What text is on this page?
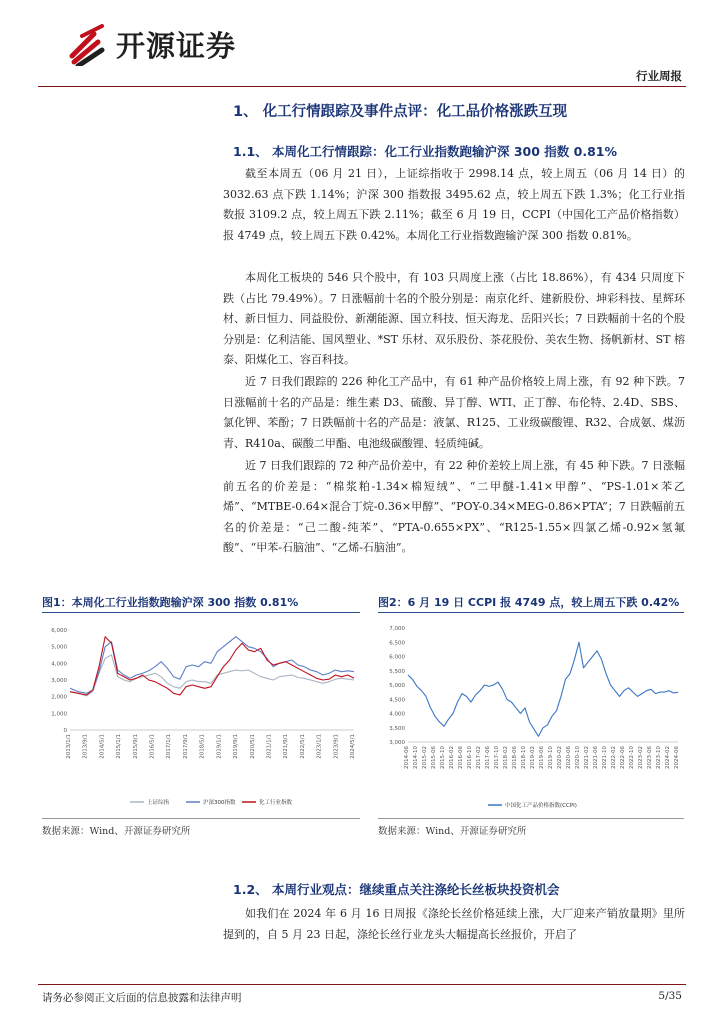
开源证券
行业周报
1、 化工行情跟踪及事件点评：化工品价格涨跌互现
1.1、 本周化工行情跟踪：化工行业指数跑输沪深 300 指数 0.81%

截至本周五（06 月 21 日），上证综指收于 2998.14 点，较上周五（06 月 14 日）的 3032.63 点下跌 1.14%；沪深 300 指数报 3495.62 点，较上周五下跌 1.3%；化工行业指数报 3109.2 点，较上周五下跌 2.11%；截至 6 月 19 日，CCPI（中国化工产品价格指数）报 4749 点，较上周五下跌 0.42%。本周化工行业指数跑输沪深 300 指数 0.81%。

本周化工板块的 546 只个股中，有 103 只周度上涨（占比 18.86%），有 434 只周度下跌（占比 79.49%）。7 日涨幅前十名的个股分别是：南京化纤、建新股份、坤彩科技、星辉环材、新日恒力、同益股份、新潮能源、国立科技、恒天海龙、岳阳兴长；7 日跌幅前十名的个股分别是：亿利洁能、国风塑业、*ST 乐材、双乐股份、茶花股份、美农生物、扬帆新材、ST 榕泰、阳煤化工、容百科技。

近 7 日我们跟踪的 226 种化工产品中，有 61 种产品价格较上周上涨，有 92 种下跌。7 日涨幅前十名的产品是：维生素 D3、硫酸、异丁醇、WTI、正丁醇、布伦特、2.4D、SBS、氯化钾、苯酚；7 日跌幅前十名的产品是：液氯、R125、工业级碳酸锂、R32、合成氨、煤沥青、R410a、碳酸二甲酯、电池级碳酸锂、轻质纯碱。

近 7 日我们跟踪的 72 种产品价差中，有 22 种价差较上周上涨，有 45 种下跌。7 日涨幅前五名的价差是：“棉浆粕-1.34×棉短绒”、“二甲醚-1.41×甲醇”、“PS-1.01×苯乙烯”、“MTBE-0.64×混合丁烷-0.36×甲醇”、“POY-0.34×MEG-0.86×PTA”；7 日跌幅前五名的价差是：“己二酸-纯苯”、“PTA-0.655×PX”、“R125-1.55×四氯乙烯-0.92×氢氟酸”、“甲苯-石脑油”、“乙烯-石脑油”。

图1：本周化工行业指数跑输沪深 300 指数 0.81%
0
1,000
2,000
3,000
4,000
5,000
6,000
2013/1/1 2013/9/1 2014/5/1 2015/1/1 2015/9/1 2016/5/1 2017/1/1 2017/9/1 2018/5/1 2019/1/1 2019/9/1 2020/5/1 2021/1/1 2021/9/1 2022/5/1 2023/1/1 2023/9/1 2024/5/1
上证综指	沪深300指数	化工行业指数
数据来源：Wind、开源证券研究所
图2：6 月 19 日 CCPI 报 4749 点，较上周五下跌 0.42%
3,000
3,500
4,000
4,500
5,000
5,500
6,000
6,500
7,000
2014-06 2014-10 2015-02 2015-06 2015-10 2016-02 2016-06 2016-10 2017-02 2017-06 2017-10 2018-02 2018-06 2018-10 2019-02 2019-06 2019-10 2020-02 2020-06 2020-10 2021-02 2021-06 2021-10 2022-02 2022-06 2022-10 2023-02 2023-06 2023-10 2024-02 2024-06
中国化工产品价格指数(CCPI)
数据来源：Wind、开源证券研究所
1.2、 本周行业观点：继续重点关注涤纶长丝板块投资机会

如我们在 2024 年 6 月 16 日周报《涤纶长丝价格延续上涨，大厂迎来产销放量期》里所提到的，自 5 月 23 日起，涤纶长丝行业龙头大幅提高长丝报价，开启了

请务必参阅正文后面的信息披露和法律声明	5/35
